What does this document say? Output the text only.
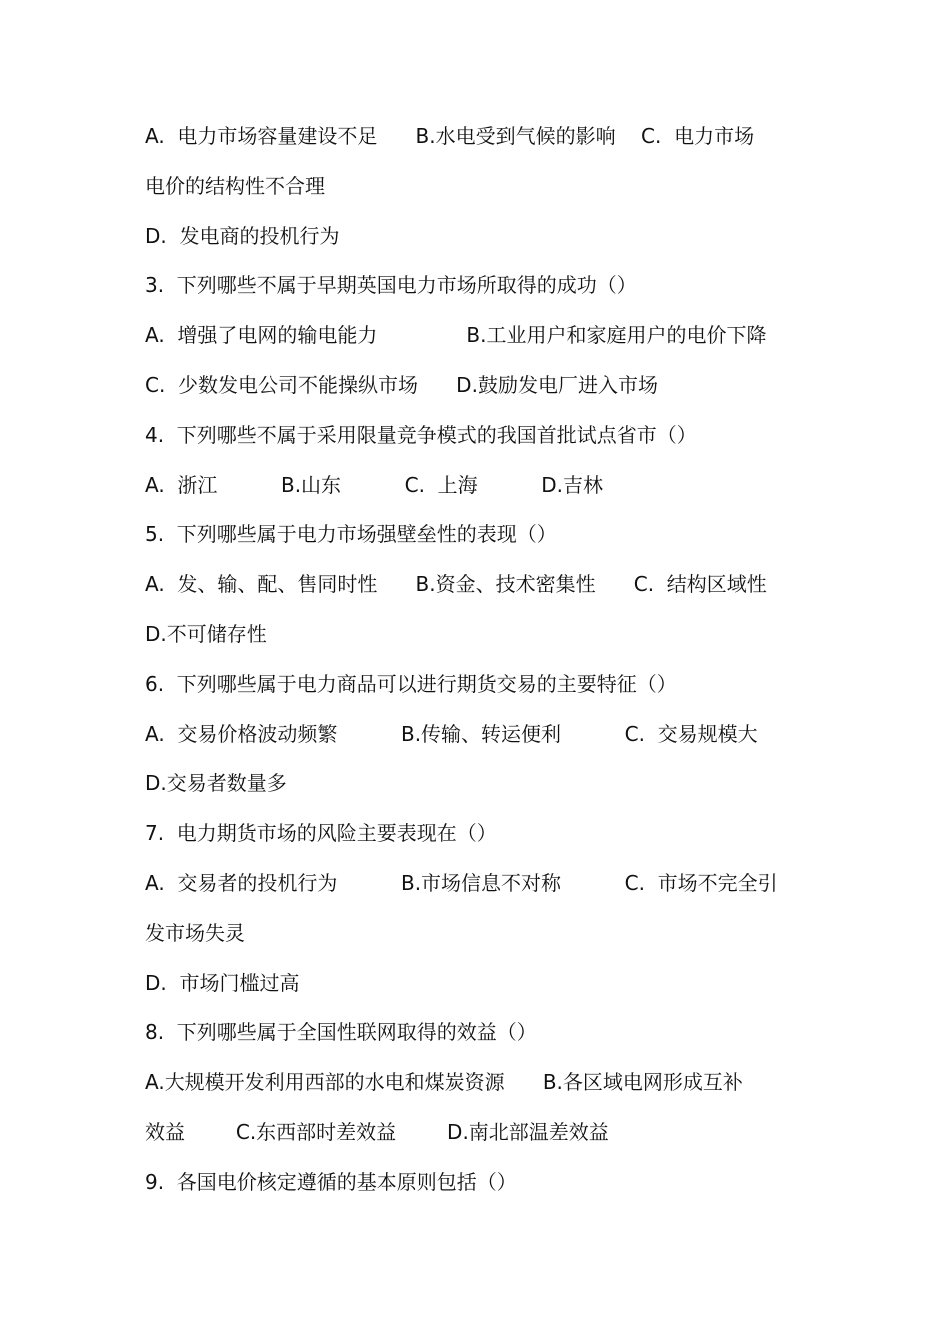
A.  电力市场容量建设不足      B.水电受到气候的影响    C.  电力市场
电价的结构性不合理
D.  发电商的投机行为
3.  下列哪些不属于早期英国电力市场所取得的成功（）
A.  增强了电网的输电能力              B.工业用户和家庭用户的电价下降
C.  少数发电公司不能操纵市场      D.鼓励发电厂进入市场
4.  下列哪些不属于采用限量竞争模式的我国首批试点省市（）
A.  浙江          B.山东          C.  上海          D.吉林
5.  下列哪些属于电力市场强壁垒性的表现（）
A.  发、输、配、售同时性      B.资金、技术密集性      C.  结构区域性
D.不可储存性
6.  下列哪些属于电力商品可以进行期货交易的主要特征（）
A.  交易价格波动频繁          B.传输、转运便利          C.  交易规模大
D.交易者数量多
7.  电力期货市场的风险主要表现在（）
A.  交易者的投机行为          B.市场信息不对称          C.  市场不完全引
发市场失灵
D.  市场门槛过高
8.  下列哪些属于全国性联网取得的效益（）
A.大规模开发利用西部的水电和煤炭资源      B.各区域电网形成互补
效益        C.东西部时差效益        D.南北部温差效益
9.  各国电价核定遵循的基本原则包括（）
